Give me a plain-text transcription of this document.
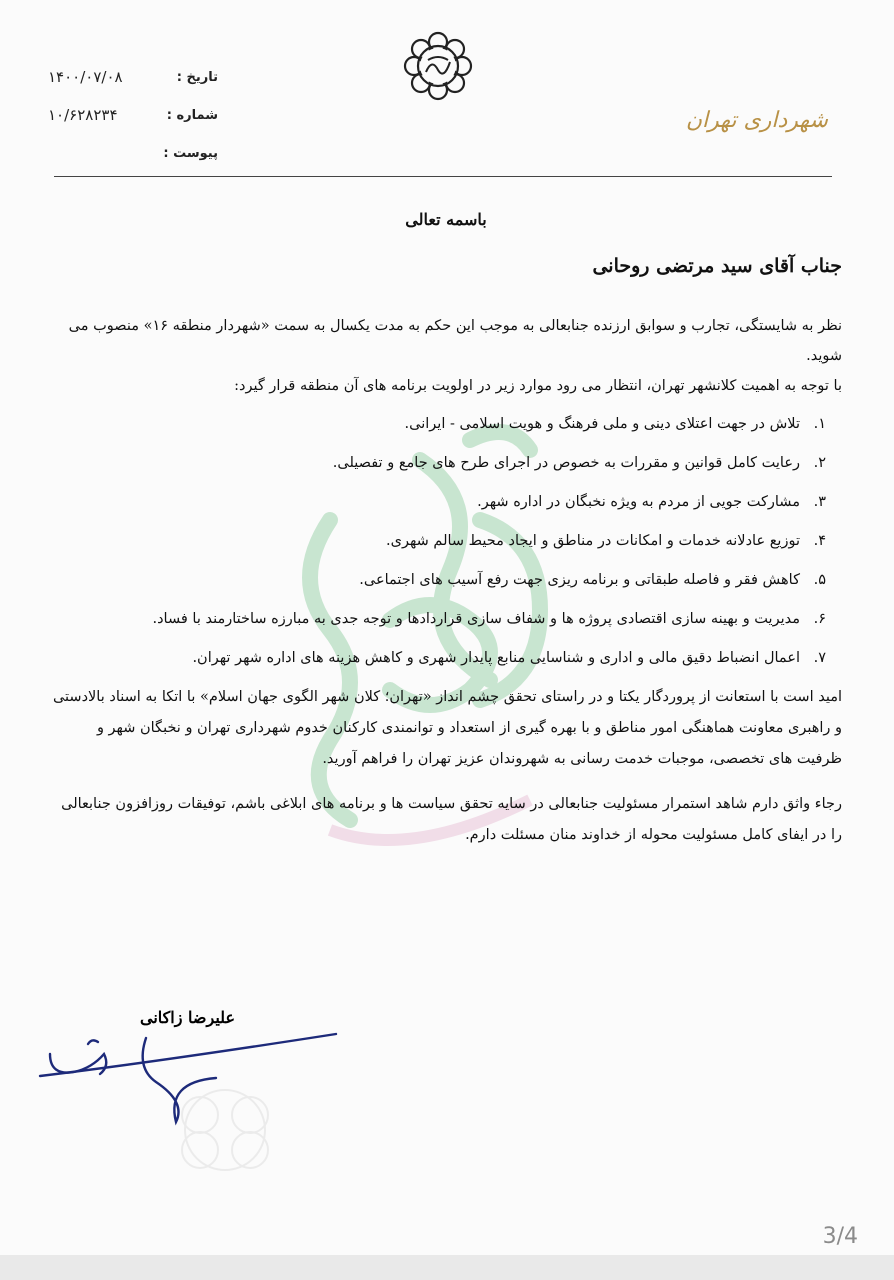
تاریخ :
۱۴۰۰/۰۷/۰۸
شماره :
۱۰/۶۲۸۲۳۴
پیوست :
شهرداری تهران
باسمه تعالی
جناب آقای سید مرتضی روحانی
نظر به شایستگی، تجارب و سوابق ارزنده جنابعالی به موجب این حکم به مدت یکسال به سمت «شهردار منطقه ۱۶» منصوب می شوید.
با توجه به اهمیت کلانشهر تهران، انتظار می رود موارد زیر در اولویت برنامه های آن منطقه قرار گیرد:
۱.
تلاش در جهت اعتلای دینی و ملی فرهنگ و هویت اسلامی - ایرانی.
۲.
رعایت کامل قوانین و مقررات به خصوص در اجرای طرح های جامع و تفصیلی.
۳.
مشارکت جویی از مردم به ویژه نخبگان در اداره شهر.
۴.
توزیع عادلانه خدمات و امکانات در مناطق و ایجاد محیط سالم شهری.
۵.
کاهش فقر و فاصله طبقاتی و برنامه ریزی جهت رفع آسیب های اجتماعی.
۶.
مدیریت و بهینه سازی اقتصادی پروژه ها و شفاف سازی قراردادها و توجه جدی به مبارزه ساختارمند با فساد.
۷.
اعمال انضباط دقیق مالی و اداری و شناسایی منابع پایدار شهری و کاهش هزینه های اداره شهر تهران.
امید است با استعانت از پروردگار یکتا و در راستای تحقق چشم انداز «تهران؛ کلان شهر الگوی جهان اسلام» با اتکا به اسناد بالادستی و راهبری معاونت هماهنگی امور مناطق و با بهره گیری از استعداد و توانمندی کارکنان خدوم شهرداری تهران و نخبگان شهر و ظرفیت های تخصصی، موجبات خدمت رسانی به شهروندان عزیز تهران را فراهم آورید.
رجاء واثق دارم شاهد استمرار مسئولیت جنابعالی در سایه تحقق سیاست ها و برنامه های ابلاغی باشم، توفیقات روزافزون جنابعالی را در ایفای کامل مسئولیت محوله از خداوند منان مسئلت دارم.
علیرضا زاکانی
3/4
